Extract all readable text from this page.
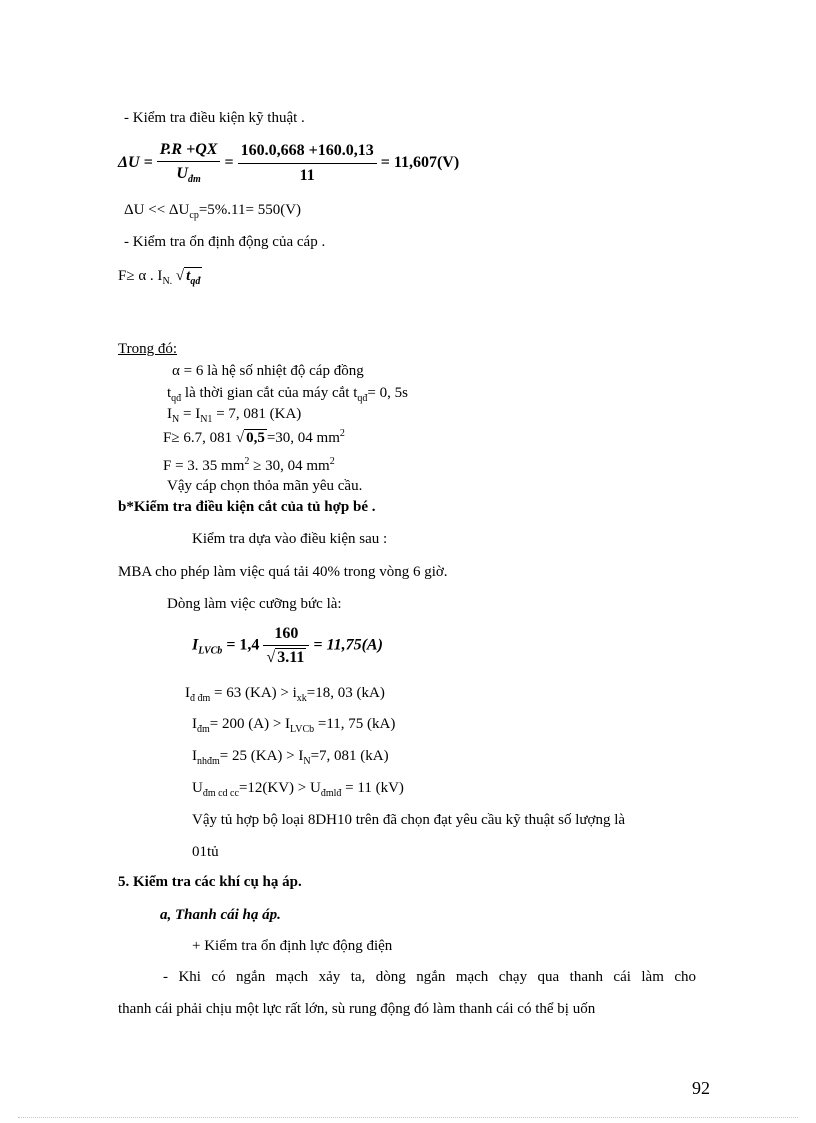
- Kiểm tra điều kiện kỹ thuật .
$\Delta U = \frac{P.R +QX}{U_{đm}} = \frac{160.0,668 +160.0,13}{11} = 11,607(V)$
$\Delta U << \Delta U_{cp}=5\%.11= 550(V)$
- Kiểm tra ổn định động của cáp .
F≥ α . $I_{N.}$ √ $t_{qđ}$
Trong đó:
α = 6 là hệ số nhiệt độ cáp đồng
$t_{qđ}$ là thời gian cắt của máy cắt $t_{qđ}= 0$, 5s
$I_N = I_{N1} = 7$, 081 (KA)
F≥ 6.7, 081 √ 0,5 =30, 04 $mm^2$
F = 3. 35 $mm^2 \ge 30$, 04 $mm^2$
Vậy cáp chọn thỏa mãn yêu cầu.
b*Kiểm tra điều kiện cắt của tủ hợp bé .
Kiểm tra dựa vào điều kiện sau :
MBA cho phép làm việc quá tải 40% trong vòng 6 giờ.
Dòng làm việc cưỡng bức là:
$I_{LVCb} = 1,4 \frac{160}{√ 3.11} = 11,75(A)$
$I_{đ đm} = 63$ $(KA) > i_{xk}=18$, 03 (kA)
$I_{đm}= 200$ $(A) > I_{LVCb} =11$, 75 (kA)
$I_{nhđm}= 25$ $(KA) > I_N=7$, 081 (kA)
$U_{đm cd cc}=12(KV) > U_{đmlđ} = 11$ (kV)
Vậy tủ hợp bộ loại 8DH10 trên đã chọn đạt yêu cầu kỹ thuật số lượng là
01tủ
5. Kiểm tra các khí cụ hạ áp.
a, Thanh cái hạ áp.
+ Kiểm tra ổn định lực động điện
- Khi có ngắn mạch xảy ta, dòng ngắn mạch chạy qua thanh cái làm cho
thanh cái phải chịu một lực rất lớn, sù rung động đó làm thanh cái có thể bị uốn
92
